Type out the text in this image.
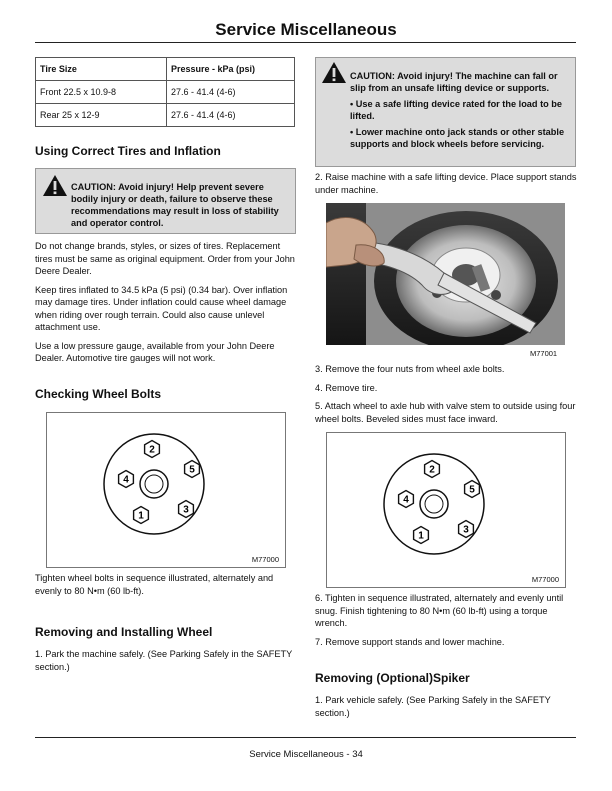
Service Miscellaneous
Tire Size	Pressure - kPa (psi)
Front 22.5 x 10.9-8	27.6 - 41.4 (4-6)
Rear 25 x 12-9	27.6 - 41.4 (4-6)
Using Correct Tires and Inflation
CAUTION: Avoid injury! Help prevent severe bodily injury or death, failure to observe these recommendations may result in loss of stability and operator control.

Do not change brands, styles, or sizes of tires. Replacement tires must be same as original equipment. Order from your John Deere Dealer.

Keep tires inflated to 34.5 kPa (5 psi) (0.34 bar). Over inflation may damage tires. Under inflation could cause wheel damage when riding over rough terrain. Could also cause unlevel attachment use.

Use a low pressure gauge, available from your John Deere Dealer. Automotive tire gauges will not work.

Checking Wheel Bolts
2
5
4
3
1
M77000

Tighten wheel bolts in sequence illustrated, alternately and evenly to 80 N•m (60 lb-ft).

Removing and Installing Wheel

1. Park the machine safely. (See Parking Safely in the SAFETY section.)

CAUTION: Avoid injury! The machine can fall or slip from an unsafe lifting device or supports.
• Use a safe lifting device rated for the load to be lifted.
• Lower machine onto jack stands or other stable supports and block wheels before servicing.

2. Raise machine with a safe lifting device. Place support stands under machine.

M77001

3. Remove the four nuts from wheel axle bolts.

4. Remove tire.

5. Attach wheel to axle hub with valve stem to outside using four wheel bolts. Beveled sides must face inward.

2
5
4
3
1
M77000

6. Tighten in sequence illustrated, alternately and evenly until snug. Finish tightening to 80 N•m (60 lb-ft) using a torque wrench.

7. Remove support stands and lower machine.

Removing (Optional)Spiker

1. Park vehicle safely. (See Parking Safely in the SAFETY section.)

Service Miscellaneous - 34
